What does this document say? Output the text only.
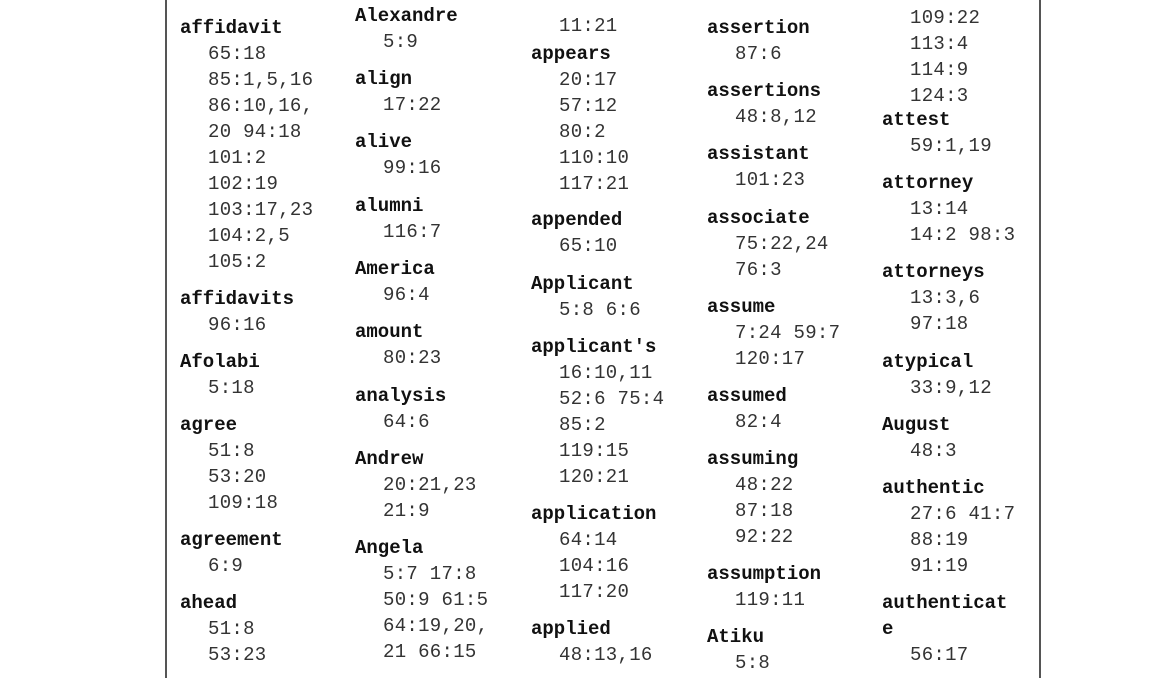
affidavit
65:18
85:1,5,16
86:10,16,
20 94:18
101:2
102:19
103:17,23
104:2,5
105:2
affidavits
96:16
Afolabi
5:18
agree
51:8
53:20
109:18
agreement
6:9
ahead
51:8
53:23
Alexandre
5:9
align
17:22
alive
99:16
alumni
116:7
America
96:4
amount
80:23
analysis
64:6
Andrew
20:21,23
21:9
Angela
5:7 17:8
50:9 61:5
64:19,20,
21 66:15
11:21
appears
20:17
57:12
80:2
110:10
117:21
appended
65:10
Applicant
5:8 6:6
applicant's
16:10,11
52:6 75:4
85:2
119:15
120:21
application
64:14
104:16
117:20
applied
48:13,16
assertion
87:6
assertions
48:8,12
assistant
101:23
associate
75:22,24
76:3
assume
7:24 59:7
120:17
assumed
82:4
assuming
48:22
87:18
92:22
assumption
119:11
Atiku
5:8
109:22
113:4
114:9
124:3
attest
59:1,19
attorney
13:14
14:2 98:3
attorneys
13:3,6
97:18
atypical
33:9,12
August
48:3
authentic
27:6 41:7
88:19
91:19
authenticat
e
56:17
